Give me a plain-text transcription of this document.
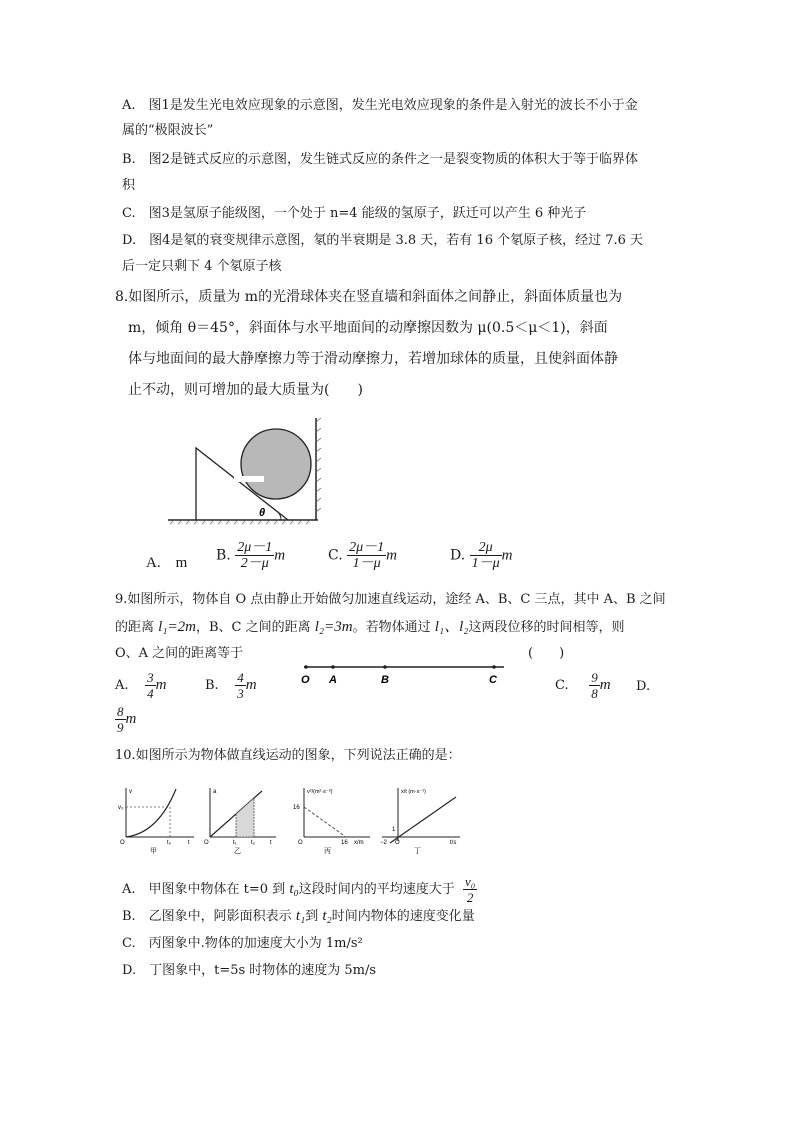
A.　图1是发生光电效应现象的示意图，发生光电效应现象的条件是入射光的波长不小于金
属的“极限波长”
B.　图2是链式反应的示意图，发生链式反应的条件之一是裂变物质的体积大于等于临界体
积
C.　图3是氢原子能级图，一个处于 n=4 能级的氢原子，跃迁可以产生 6 种光子
D.　图4是氡的衰变规律示意图，氡的半衰期是 3.8 天，若有 16 个氡原子核，经过 7.6 天
后一定只剩下 4 个氡原子核
8.如图所示，质量为 m的光滑球体夹在竖直墙和斜面体之间静止，斜面体质量也为
m，倾角 θ＝45°，斜面体与水平地面间的动摩擦因数为 μ(0.5＜μ＜1)，斜面
体与地面间的最大静摩擦力等于滑动摩擦力，若增加球体的质量，且使斜面体静
止不动，则可增加的最大质量为(　　)
θ
A.　m B. $\frac{2\mu-1}{2-\mu}$ m	C. $\frac{2\mu-1}{1-\mu}$ m	D. $\frac{2\mu}{1-\mu}$ m
9.如图所示，物体自 O 点由静止开始做匀加速直线运动，途经 A、B、C 三点，其中 A、B 之间
的距离 l₁=2m，B、C 之间的距离 l₂=3m。若物体通过 l₁、l₂这两段位移的时间相等，则
O、A 之间的距离等于	(　　)
O A	B	C
A. $\frac{3}{4}$ m	B. $\frac{4}{3}$ m	C. $\frac{9}{8}$ m D.
$\frac{8}{9}$ m
10.如图所示为物体做直线运动的图象，下列说法正确的是：
v
v₀
O	t₀	t
甲
a
O	t₁ t₂	t
乙
v²/(m²·s⁻²)
16
O	16 x/m
丙
x/t (m·s⁻¹)
1
−2 O	t/s
丁
A.　甲图象中物体在 t=0 到 t₀这段时间内的平均速度大于 $\frac{\text{v₀}}{2}$
B.　乙图象中，阿影面积表示 t₁到 t₂时间内物体的速度变化量
C.　丙图象中.物体的加速度大小为 1m/s²
D.　丁图象中，t=5s 时物体的速度为 5m/s
